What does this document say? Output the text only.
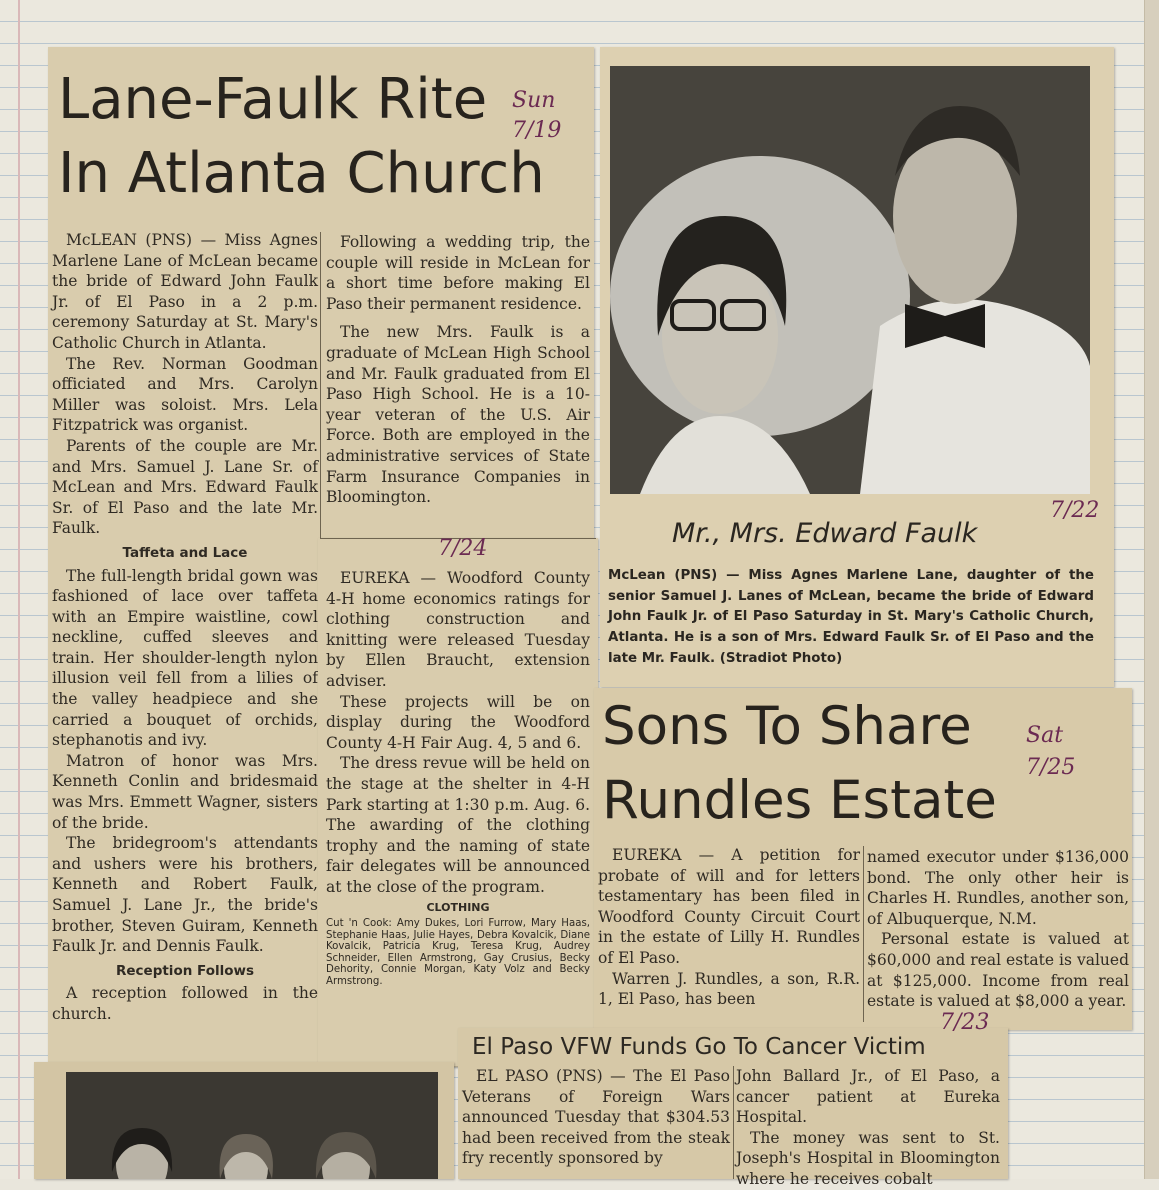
Lane-Faulk Rite
In Atlanta Church
Sun 7/19

McLEAN (PNS) — Miss Agnes Marlene Lane of McLean became the bride of Edward John Faulk Jr. of El Paso in a 2 p.m. ceremony Saturday at St. Mary's Catholic Church in Atlanta.

The Rev. Norman Goodman officiated and Mrs. Carolyn Miller was soloist. Mrs. Lela Fitzpatrick was organist.

Parents of the couple are Mr. and Mrs. Samuel J. Lane Sr. of McLean and Mrs. Edward Faulk Sr. of El Paso and the late Mr. Faulk.

Taffeta and Lace

The full-length bridal gown was fashioned of lace over taffeta with an Empire waistline, cowl neckline, cuffed sleeves and train. Her shoulder-length nylon illusion veil fell from a lilies of the valley headpiece and she carried a bouquet of orchids, stephanotis and ivy.

Matron of honor was Mrs. Kenneth Conlin and bridesmaid was Mrs. Emmett Wagner, sisters of the bride.

The bridegroom's attendants and ushers were his brothers, Kenneth and Robert Faulk, Samuel J. Lane Jr., the bride's brother, Steven Guiram, Kenneth Faulk Jr. and Dennis Faulk.

Reception Follows

A reception followed in the church.

Following a wedding trip, the couple will reside in McLean for a short time before making El Paso their permanent residence.

The new Mrs. Faulk is a graduate of McLean High School and Mr. Faulk graduated from El Paso High School. He is a 10-year veteran of the U.S. Air Force. Both are employed in the administrative services of State Farm Insurance Companies in Bloomington.

7/24

EUREKA — Woodford County 4-H home economics ratings for clothing construction and knitting were released Tuesday by Ellen Braucht, extension adviser.

These projects will be on display during the Woodford County 4-H Fair Aug. 4, 5 and 6.

The dress revue will be held on the stage at the shelter in 4-H Park starting at 1:30 p.m. Aug. 6. The awarding of the clothing trophy and the naming of state fair delegates will be announced at the close of the program.

CLOTHING
Cut 'n Cook: Amy Dukes, Lori Furrow, Mary Haas, Stephanie Haas, Julie Hayes, Debra Kovalcik, Diane Kovalcik, Patricia Krug, Teresa Krug, Audrey Schneider, Ellen Armstrong, Gay Crusius, Becky Dehority, Connie Morgan, Katy Volz and Becky Armstrong.
Mr., Mrs. Edward Faulk
7/22
McLean (PNS) — Miss Agnes Marlene Lane, daughter of the senior Samuel J. Lanes of McLean, became the bride of Edward John Faulk Jr. of El Paso Saturday in St. Mary's Catholic Church, Atlanta. He is a son of Mrs. Edward Faulk Sr. of El Paso and the late Mr. Faulk. (Stradiot Photo)
Sons To Share
Rundles Estate
Sat 7/25

EUREKA — A petition for probate of will and for letters testamentary has been filed in Woodford County Circuit Court in the estate of Lilly H. Rundles of El Paso.

Warren J. Rundles, a son, R.R. 1, El Paso, has been

named executor under $136,000 bond. The only other heir is Charles H. Rundles, another son, of Albuquerque, N.M.

Personal estate is valued at $60,000 and real estate is valued at $125,000. Income from real estate is valued at $8,000 a year.

El Paso VFW Funds Go To Cancer Victim
7/23

EL PASO (PNS) — The El Paso Veterans of Foreign Wars announced Tuesday that $304.53 had been received from the steak fry recently sponsored by

John Ballard Jr., of El Paso, a cancer patient at Eureka Hospital.

The money was sent to St. Joseph's Hospital in Bloomington where he receives cobalt
